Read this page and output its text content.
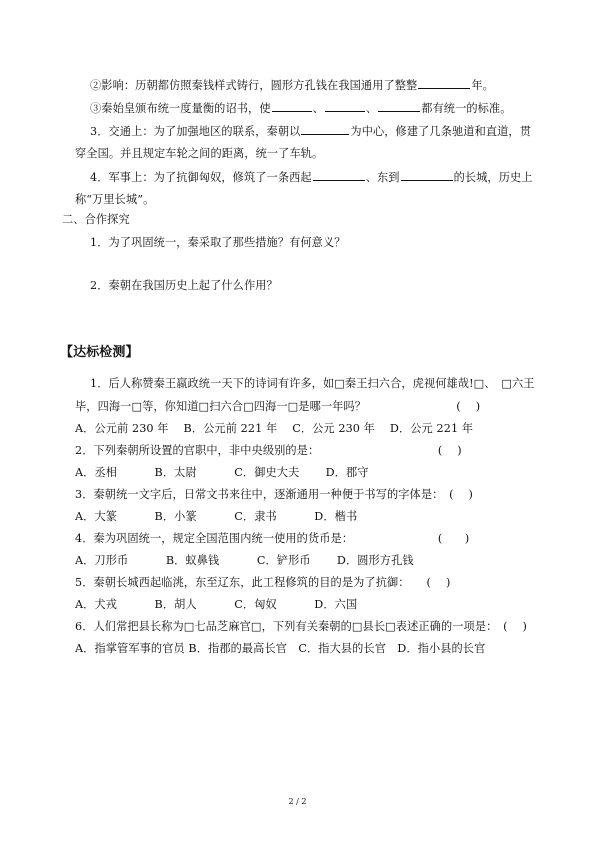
②影响：历朝都仿照秦钱样式铸行，圆形方孔钱在我国通用了整整	年。
③秦始皇颁布统一度量衡的诏书，使	、	、	都有统一的标准。
3．交通上：为了加强地区的联系，秦朝以	为中心，修建了几条驰道和直道，贯
穿全国。并且规定车轮之间的距离，统一了车轨。
4．军事上：为了抗御匈奴，修筑了一条西起	、东到	的长城，历史上
称“万里长城”。
二、合作探究
1．为了巩固统一，秦采取了那些措施？有何意义？
2．秦朝在我国历史上起了什么作用？
【达标检测】
1．后人称赞秦王嬴政统一天下的诗词有许多，如□秦王扫六合，虎视何雄哉!□、　□六王
毕，四海一□等，你知道□扫六合□四海一□是哪一年吗？　　　　　　　　(　 )
A．公元前 230 年　 B．公元前 221 年　 C．公元 230 年　 D．公元 221 年
2．下列秦朝所设置的官职中，非中央级别的是：　　　　　　　　　　　(　 )
A．丞相　　　 B．太尉　　　 C．御史大夫　　 D．郡守
3．秦朝统一文字后，日常文书来往中，逐渐通用一种便于书写的字体是：　(　 )
A．大篆　　　 B．小篆　　　 C．隶书　　　 D．楷书
4．秦为巩固统一，规定全国范围内统一使用的货币是：　　　　　　　　(　　)
A．刀形币　　　 B．蚁鼻钱　　　 C．铲形币　　 D．圆形方孔钱
5．秦朝长城西起临洮，东至辽东，此工程修筑的目的是为了抗御：　　(　 )
A．犬戎　　　 B．胡人　　　 C．匈奴　　　 D．六国
6．人们常把县长称为□七品芝麻官□，下列有关秦朝的□县长□表述正确的一项是：　(　 )
A．指掌管军事的官员 B．指郡的最高长官　C．指大县的长官　D．指小县的长官
2 / 2
